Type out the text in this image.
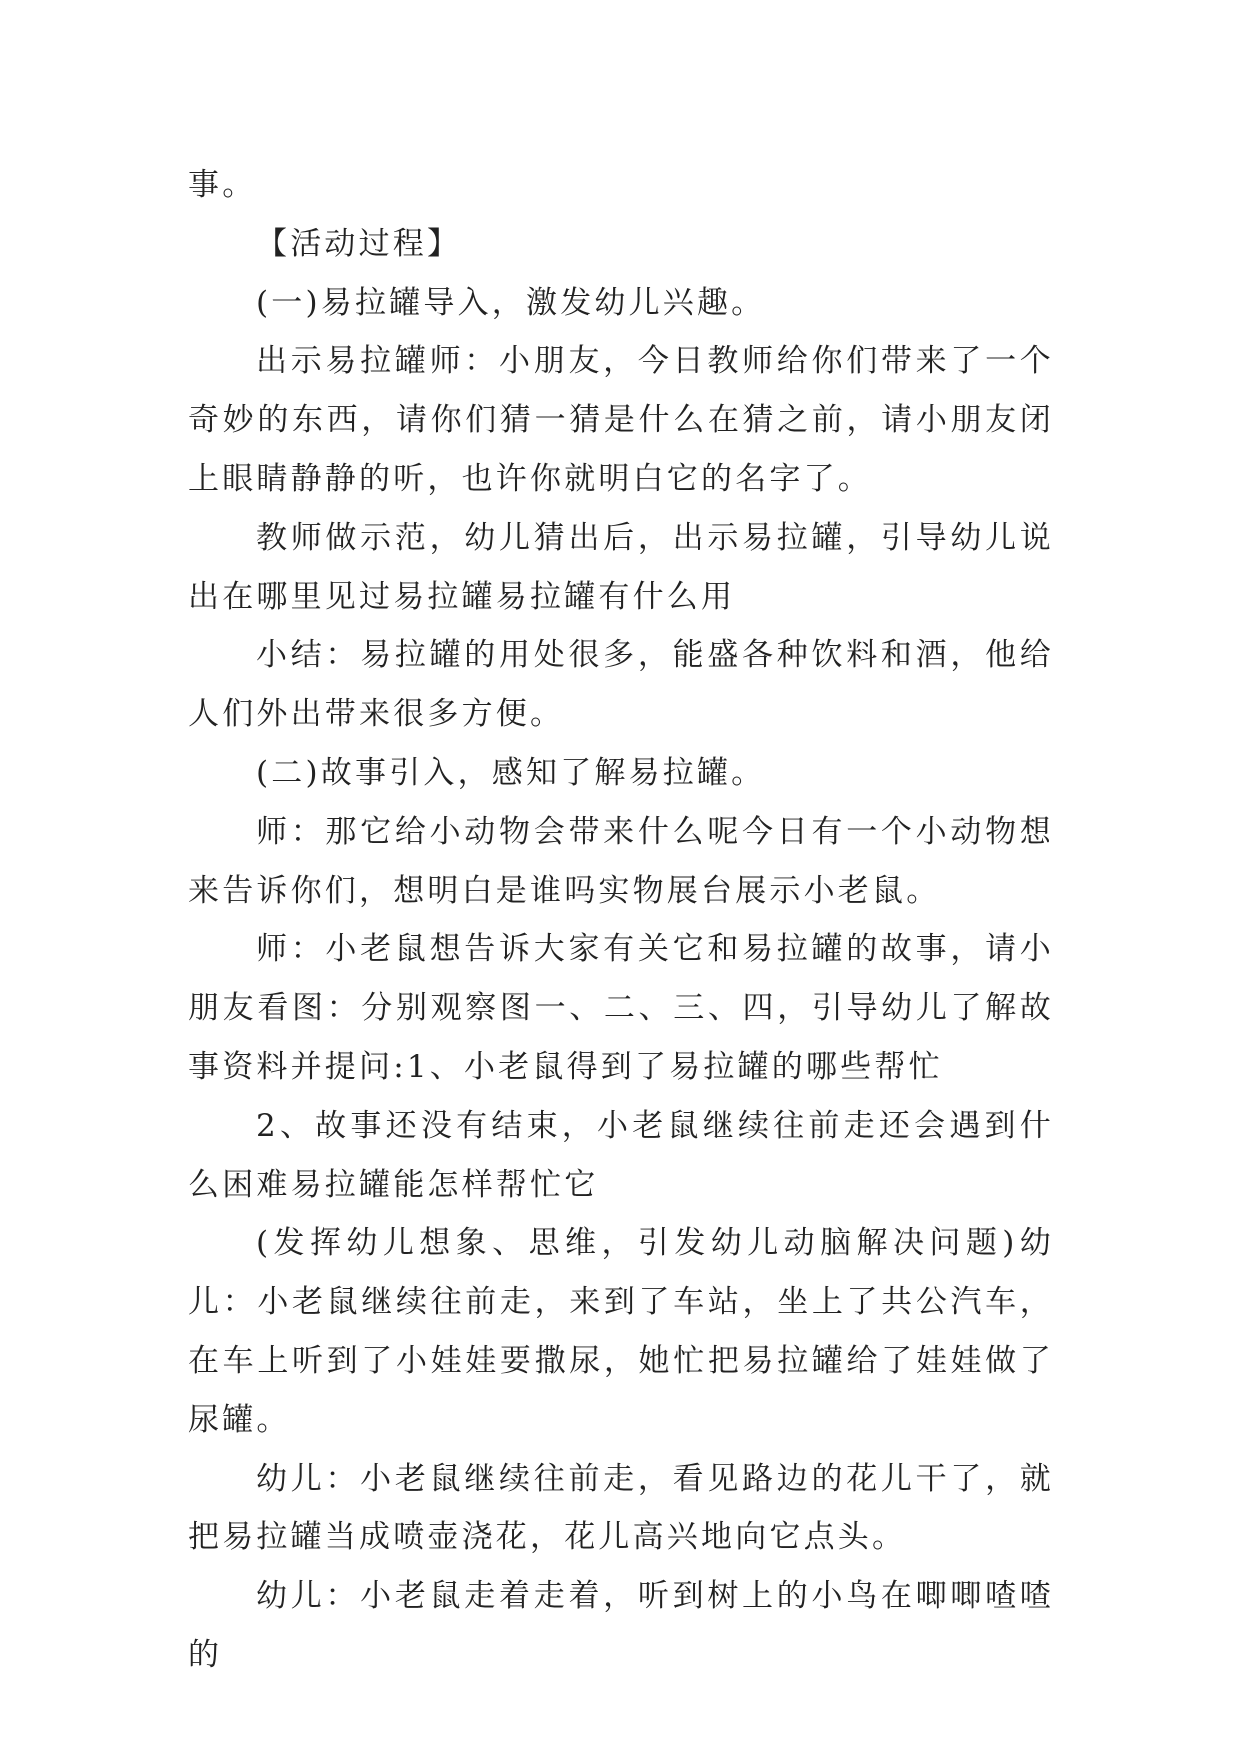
事。

【活动过程】

(一)易拉罐导入，激发幼儿兴趣。

出示易拉罐师：小朋友，今日教师给你们带来了一个奇妙的东西，请你们猜一猜是什么在猜之前，请小朋友闭上眼睛静静的听，也许你就明白它的名字了。

教师做示范，幼儿猜出后，出示易拉罐，引导幼儿说出在哪里见过易拉罐易拉罐有什么用

小结：易拉罐的用处很多，能盛各种饮料和酒，他给人们外出带来很多方便。

(二)故事引入，感知了解易拉罐。

师：那它给小动物会带来什么呢今日有一个小动物想来告诉你们，想明白是谁吗实物展台展示小老鼠。

师：小老鼠想告诉大家有关它和易拉罐的故事，请小朋友看图：分别观察图一、二、三、四，引导幼儿了解故事资料并提问:1、小老鼠得到了易拉罐的哪些帮忙

2、故事还没有结束，小老鼠继续往前走还会遇到什么困难易拉罐能怎样帮忙它

(发挥幼儿想象、思维，引发幼儿动脑解决问题)幼儿：小老鼠继续往前走，来到了车站，坐上了共公汽车，在车上听到了小娃娃要撒尿，她忙把易拉罐给了娃娃做了尿罐。

幼儿：小老鼠继续往前走，看见路边的花儿干了，就把易拉罐当成喷壶浇花，花儿高兴地向它点头。

幼儿：小老鼠走着走着，听到树上的小鸟在唧唧喳喳的
